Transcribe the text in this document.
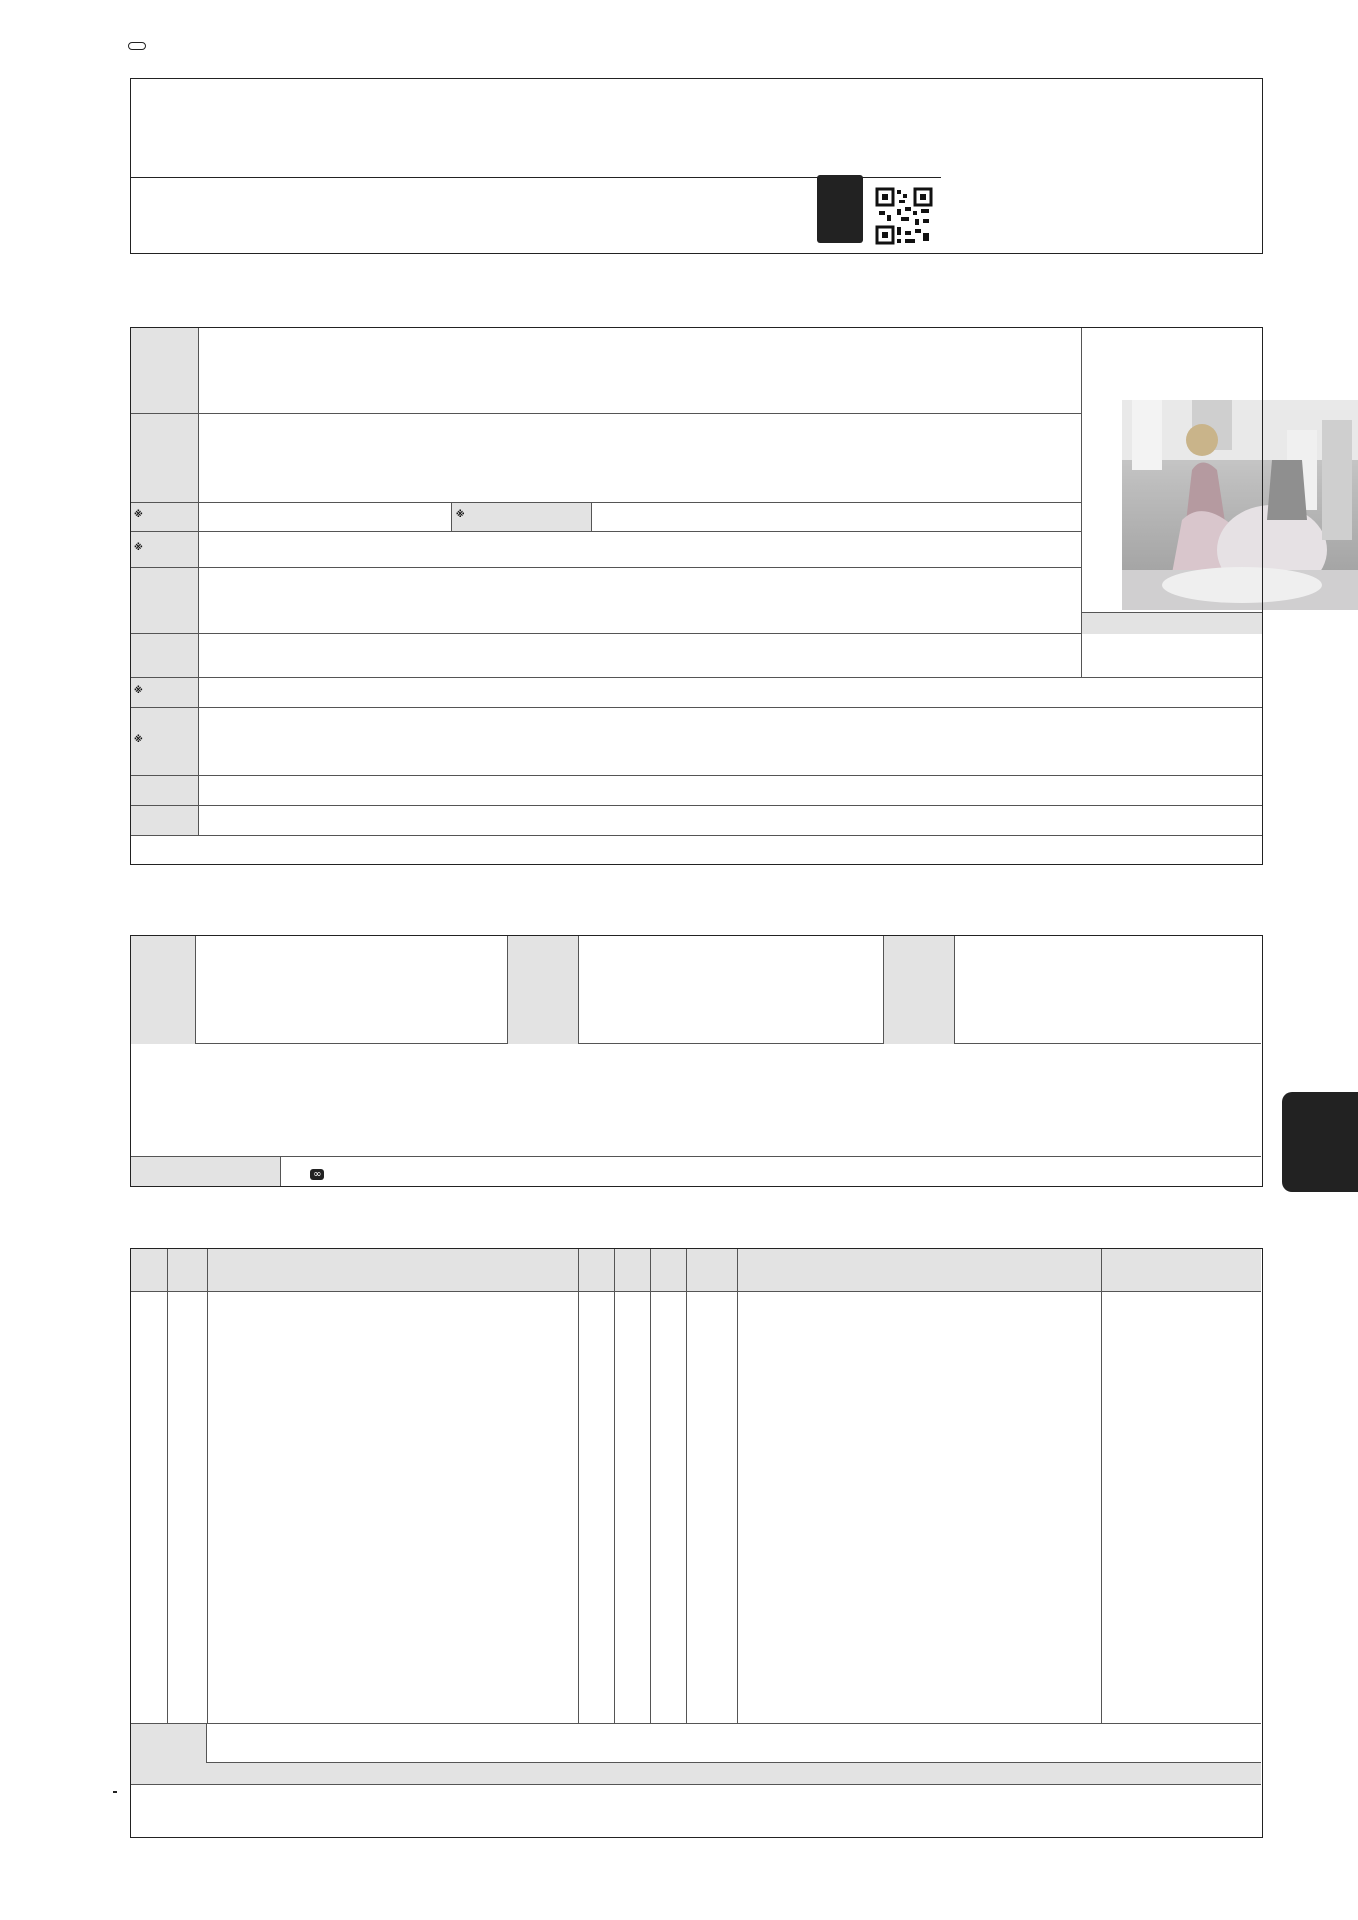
※		※	
※	

※	
※	

　 ∞ 　　
